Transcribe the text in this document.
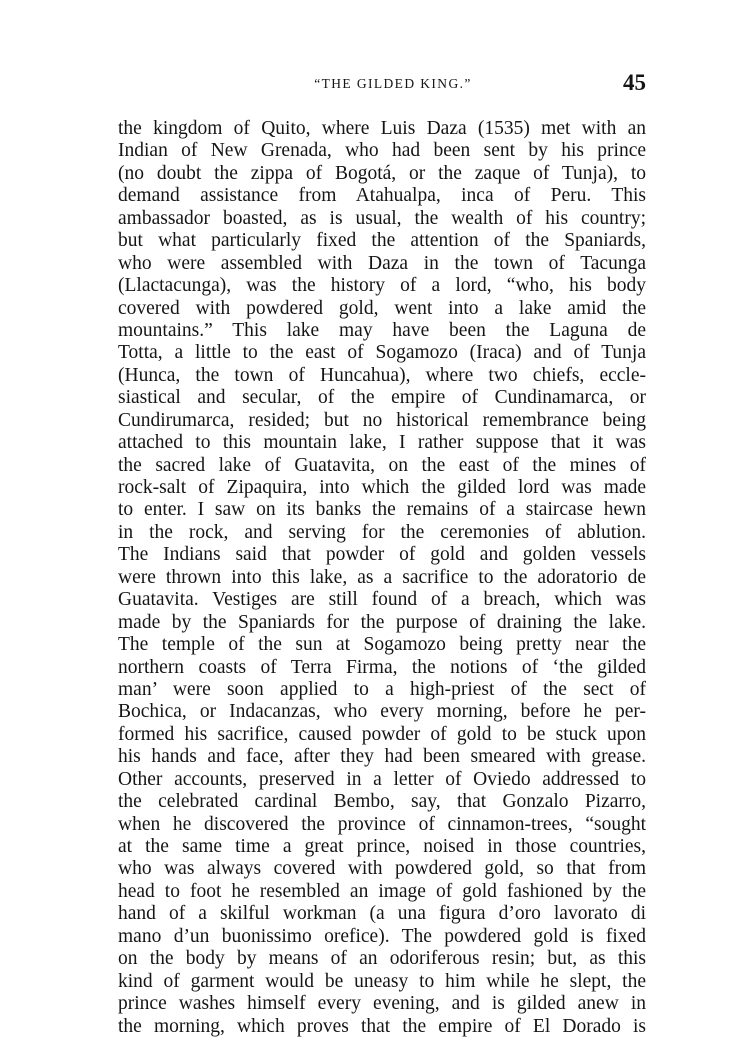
“THE GILDED KING.”	45
the kingdom of Quito, where Luis Daza (1535) met with an
Indian of New Grenada, who had been sent by his prince
(no doubt the zippa of Bogotá, or the zaque of Tunja), to
demand assistance from Atahualpa, inca of Peru. This
ambassador boasted, as is usual, the wealth of his country;
but what particularly fixed the attention of the Spaniards,
who were assembled with Daza in the town of Tacunga
(Llactacunga), was the history of a lord, “who, his body
covered with powdered gold, went into a lake amid the
mountains.” This lake may have been the Laguna de
Totta, a little to the east of Sogamozo (Iraca) and of Tunja
(Hunca, the town of Huncahua), where two chiefs, eccle-
siastical and secular, of the empire of Cundinamarca, or
Cundirumarca, resided; but no historical remembrance being
attached to this mountain lake, I rather suppose that it was
the sacred lake of Guatavita, on the east of the mines of
rock-salt of Zipaquira, into which the gilded lord was made
to enter. I saw on its banks the remains of a staircase hewn
in the rock, and serving for the ceremonies of ablution.
The Indians said that powder of gold and golden vessels
were thrown into this lake, as a sacrifice to the adoratorio de
Guatavita. Vestiges are still found of a breach, which was
made by the Spaniards for the purpose of draining the lake.
The temple of the sun at Sogamozo being pretty near the
northern coasts of Terra Firma, the notions of ‘the gilded
man’ were soon applied to a high-priest of the sect of
Bochica, or Indacanzas, who every morning, before he per-
formed his sacrifice, caused powder of gold to be stuck upon
his hands and face, after they had been smeared with grease.
Other accounts, preserved in a letter of Oviedo addressed to
the celebrated cardinal Bembo, say, that Gonzalo Pizarro,
when he discovered the province of cinnamon-trees, “sought
at the same time a great prince, noised in those countries,
who was always covered with powdered gold, so that from
head to foot he resembled an image of gold fashioned by the
hand of a skilful workman (a una figura d’oro lavorato di
mano d’un buonissimo orefice). The powdered gold is fixed
on the body by means of an odoriferous resin; but, as this
kind of garment would be uneasy to him while he slept, the
prince washes himself every evening, and is gilded anew in
the morning, which proves that the empire of El Dorado is
